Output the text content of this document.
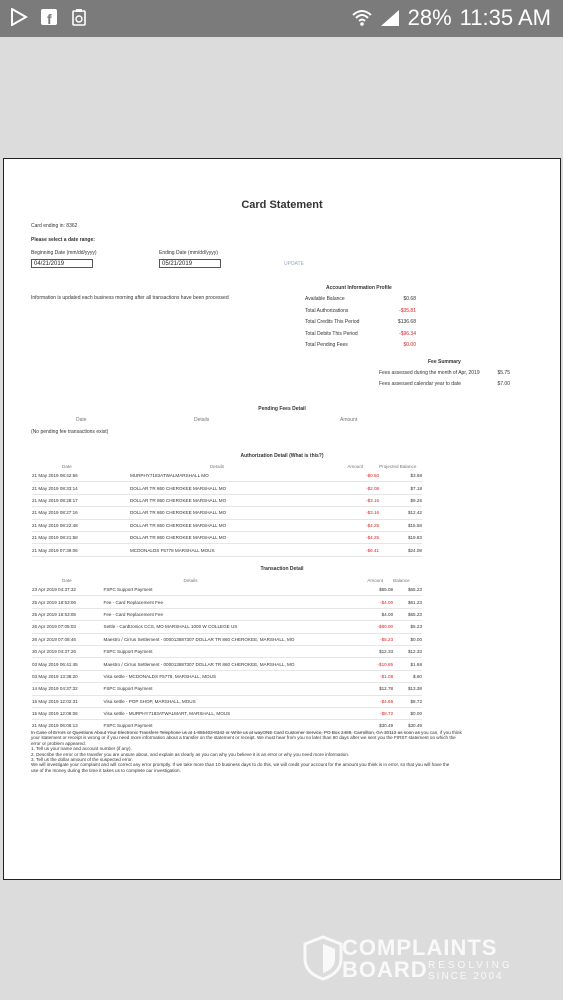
f	28% 11:35 AM
Card Statement
Card ending in: 8362
Please select a date range:
Beginning Date (mm/dd/yyyy)
04/21/2019
Ending Date (mm/dd/yyyy)
05/21/2019	UPDATE
Information is updated each business morning after all transactions have been processed
Account Information Profile
Available Balance	$0.68
Total Authorizations	-$35.81
Total Credits This Period	$136.68
Total Debits This Period	-$96.34
Total Pending Fees	$0.00
Fee Summary
Fees assessed during the month of Apr, 2019	$5.75
Fees assessed calendar year to date	$7.00
Pending Fees Detail
Date	Details	Amount
(No pending fee transactions exist)
Authorization Detail (What is this?)
Date	Details	Amount	Projected Balance
21 May 2019 08:42:56	MURPHY7183ATWALMARSHALL MO	-$0.50	$3.68
21 May 2019 08:33:14	DOLLAR TR 860 CHEROKEE MARSHALL MO	-$2.08	$7.18
21 May 2019 08:28:17	DOLLAR TR 860 CHEROKEE MARSHALL MO	-$3.16	$9.26
21 May 2019 08:27:16	DOLLAR TR 860 CHEROKEE MARSHALL MO	-$3.16	$12.42
21 May 2019 08:22:48	DOLLAR TR 860 CHEROKEE MARSHALL MO	-$4.25	$15.58
21 May 2019 08:21:58	DOLLAR TR 860 CHEROKEE MARSHALL MO	-$4.25	$19.83
21 May 2019 07:39:06	MCDONALDS F5778 MARSHALL MOUS	-$6.41	$24.08
Transaction Detail
Date	Details	Amount	Balance
23 Apr 2019 04:37:32	FSPC Support Payment	$65.08	$65.23
25 Apr 2019 18:53:06	Fee - Card Replacement Fee	-$4.00	$61.23
25 Apr 2019 18:53:05	Fee - Card Replacement Fee	$4.00	$65.23
26 Apr 2019 07:05:03	Settle - Cardtronics CCS, MO MARSHALL 1000 W COLLEGE US	-$60.00	$5.23
26 Apr 2019 07:08:46	Maestro / Cirrus Settlement - 000013887307 DOLLAR TR 860 CHEROKEE, MARSHALL, MO	-$5.23	$0.00
30 Apr 2019 04:37:26	FSPC Support Payment	$12.33	$12.33
03 May 2019 06:41:45	Maestro / Cirrus Settlement - 000013887307 DOLLAR TR 860 CHEROKEE, MARSHALL, MO	-$10.65	$1.68
03 May 2019 13:38:20	Visa settle - MCDONALDS F5778, MARSHALL, MOUS	-$1.08	$.60
14 May 2019 04:37:32	FSPC Support Payment	$12.78	$13.38
15 May 2019 12:02:31	Visa settle - POP SHOP, MARSHALL, MOUS	-$4.66	$8.72
15 May 2019 12:06:06	Visa settle - MURPHY7183ATWALMART, MARSHALL, MOUS	-$8.72	$0.00
21 May 2019 06:06:13	FSPC Support Payment	$30.49	$30.49
In Case of Errors or Questions About Your Electronic Transfers Telephone us at 1-855403-8342 or Write us at wayONE Card Customer Service, PO Box 2489, Carrollton, GA 30112 as soon as you can, if you think
your statement or receipt is wrong or if you need more information about a transfer on the statement or receipt. We must hear from you no later than 60 days after we sent you the FIRST statement on which the
error or problem appeared.
1. Tell us your name and account number (if any).
2. Describe the error or the transfer you are unsure about, and explain as clearly as you can why you believe it is an error or why you need more information.
3. Tell us the dollar amount of the suspected error.
We will investigate your complaint and will correct any error promptly. If we take more than 10 business days to do this, we will credit your account for the amount you think is in error, so that you will have the
use of the money during the time it takes us to complete our investigation.
COMPLAINTS
BOARD RESOLVING
SINCE 2004
